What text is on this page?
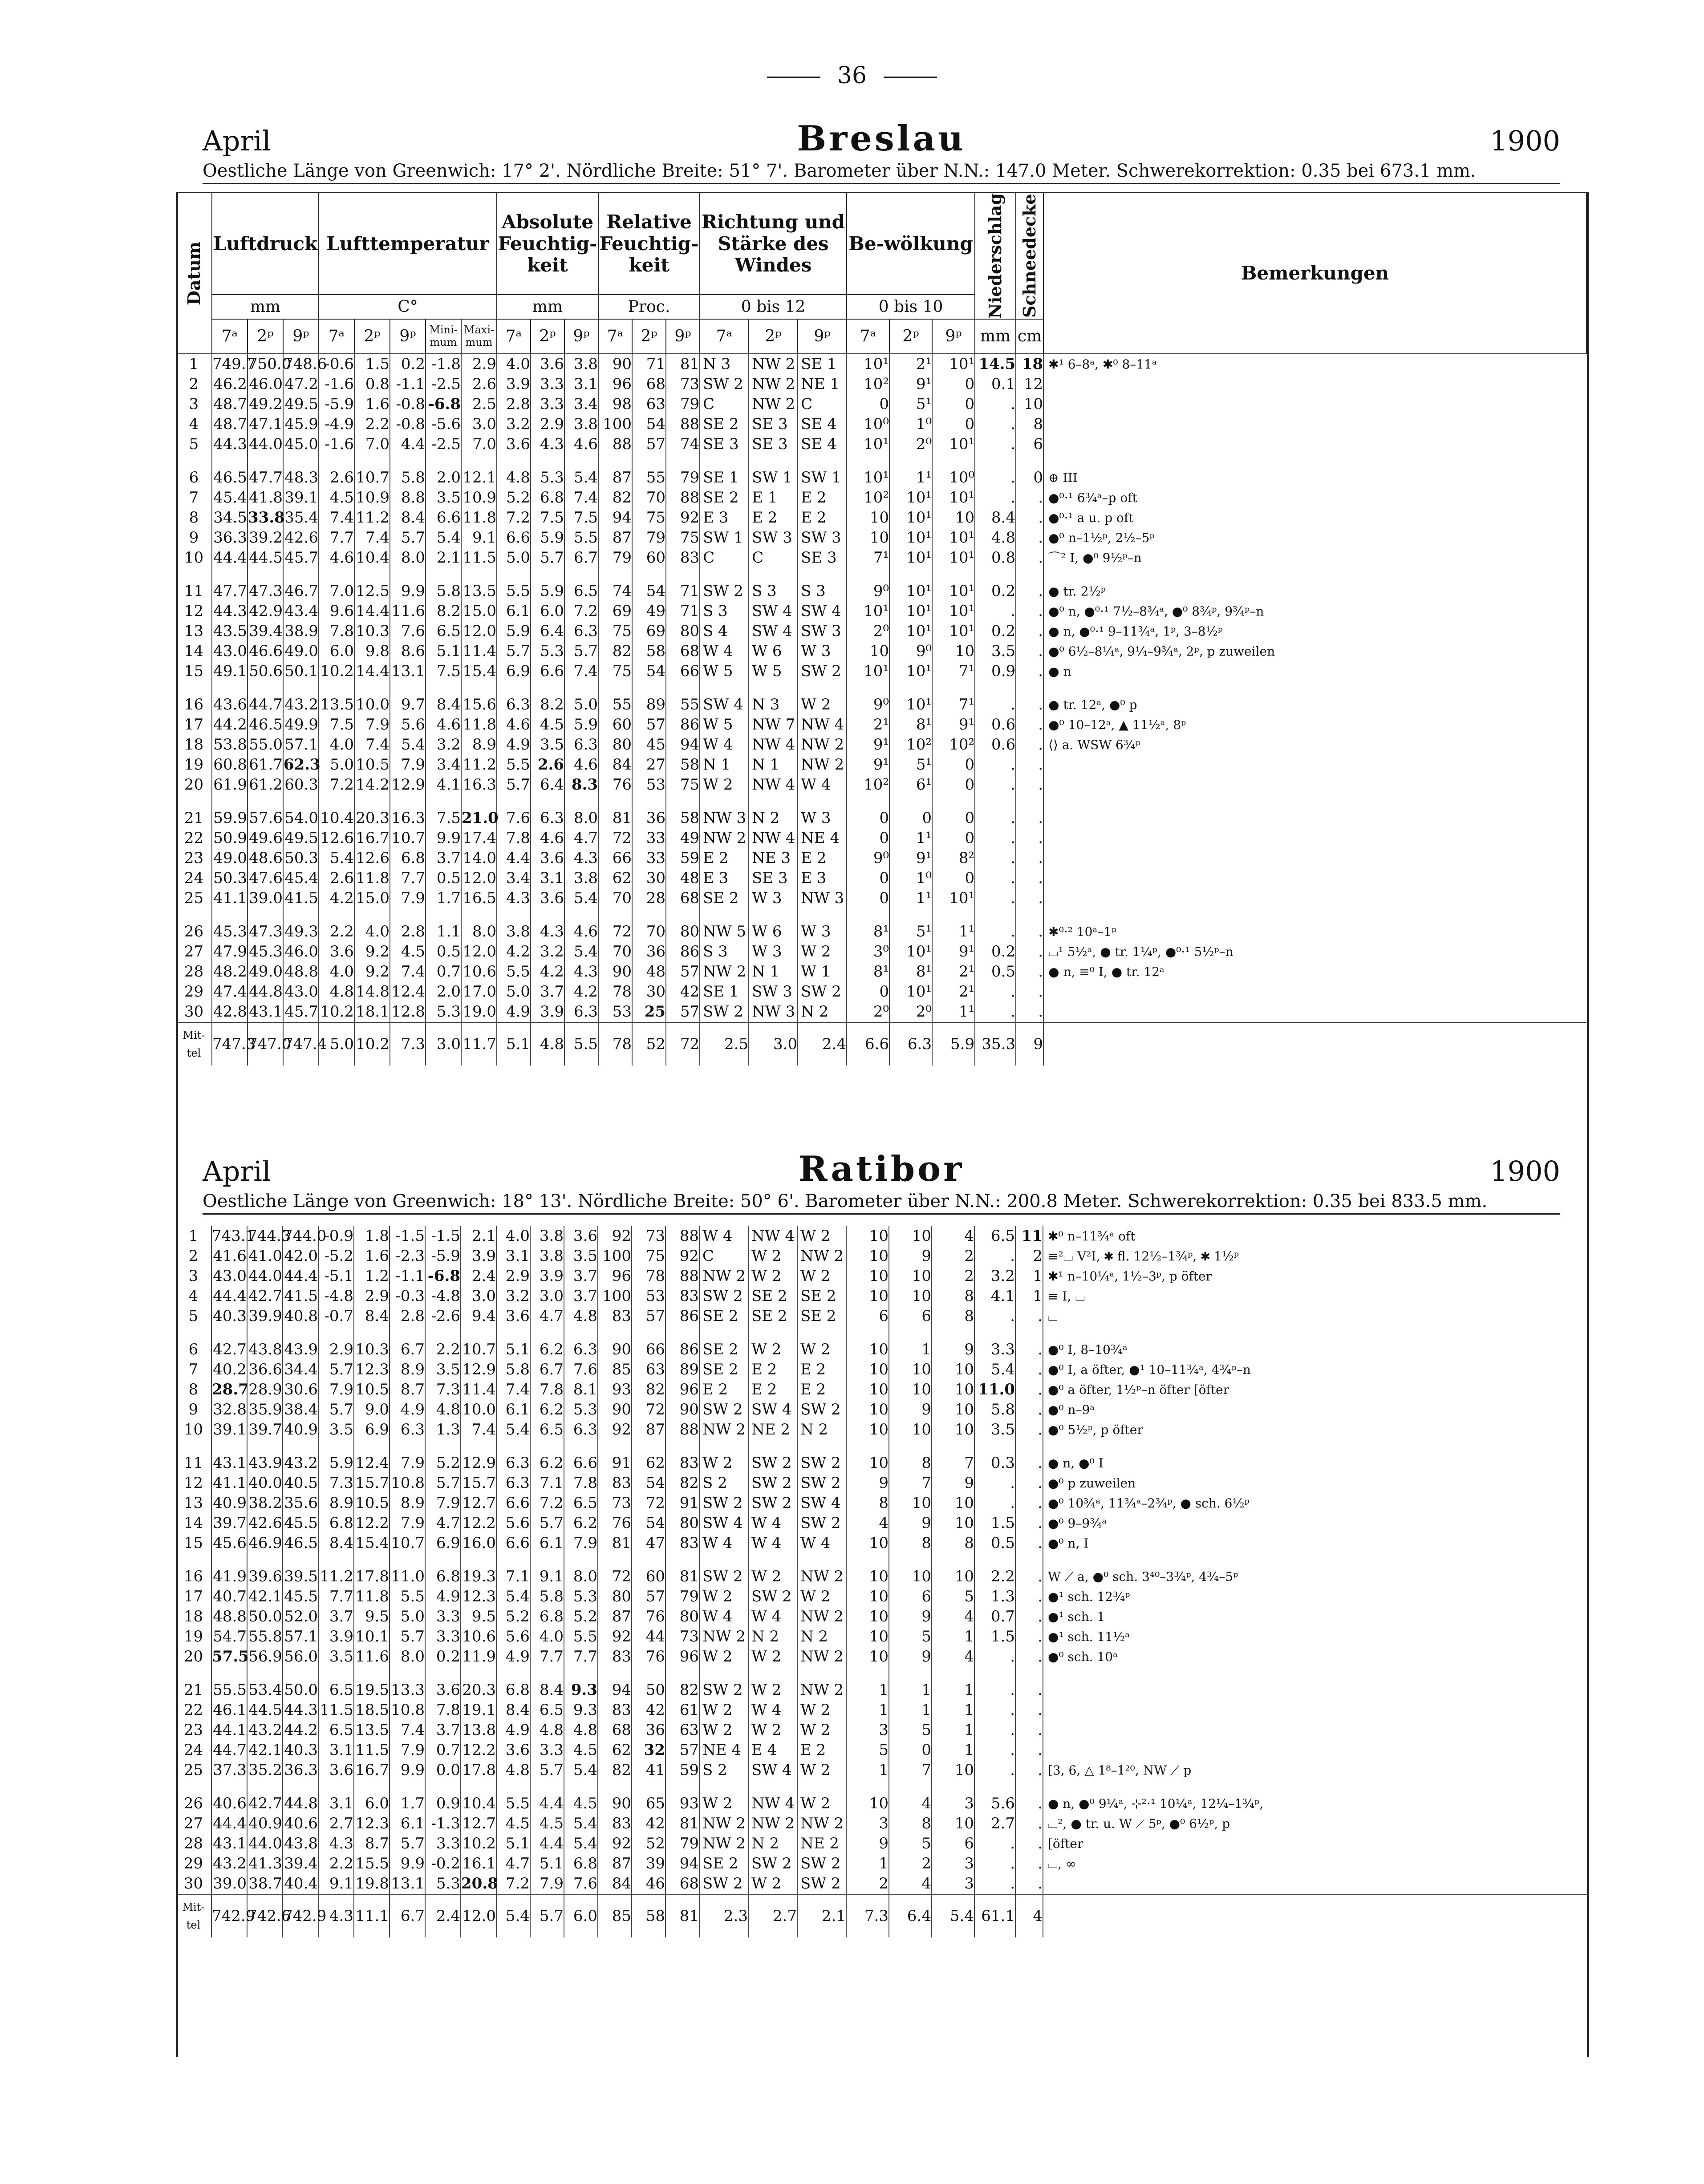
36
April	Breslau	1900
Oestliche Länge von Greenwich: 17° 2'. Nördliche Breite: 51° 7'. Barometer über N.N.: 147.0 Meter. Schwerekorrektion: 0.35 bei 673.1 mm.
April	Ratibor	1900
Oestliche Länge von Greenwich: 18° 13'. Nördliche Breite: 50° 6'. Barometer über N.N.: 200.8 Meter. Schwerekorrektion: 0.35 bei 833.5 mm.
Datum	Luftdruck			Lufttemperatur					Absolute Feuchtig-keit			Relative Feuchtig-keit			Richtung und Stärke des Windes			Be-wölkung			Niederschlag	Schneedecke	Bemerkungen
	mm			C°					mm			Proc.			0 bis 12			0 bis 10					
	7ᵃ	2ᵖ	9ᵖ	7ᵃ	2ᵖ	9ᵖ	Mini-mum	Maxi-mum	7ᵃ	2ᵖ	9ᵖ	7ᵃ	2ᵖ	9ᵖ	7ᵃ	2ᵖ	9ᵖ	7ᵃ	2ᵖ	9ᵖ	mm	cm	
1	749.7	750.0	748.6	-0.6	1.5	0.2	-1.8	2.9	4.0	3.6	3.8	90	71	81	N 3	NW 2	SE 1	10¹	2¹	10¹	14.5	18	✱¹ 6–8ᵃ, ✱⁰ 8–11ᵃ
2	46.2	46.0	47.2	-1.6	0.8	-1.1	-2.5	2.6	3.9	3.3	3.1	96	68	73	SW 2	NW 2	NE 1	10²	9¹	0	0.1	12	
3	48.7	49.2	49.5	-5.9	1.6	-0.8	-6.8	2.5	2.8	3.3	3.4	98	63	79	C	NW 2	C	0	5¹	0	.	10	
4	48.7	47.1	45.9	-4.9	2.2	-0.8	-5.6	3.0	3.2	2.9	3.8	100	54	88	SE 2	SE 3	SE 4	10⁰	1⁰	0	.	8	
5	44.3	44.0	45.0	-1.6	7.0	4.4	-2.5	7.0	3.6	4.3	4.6	88	57	74	SE 3	SE 3	SE 4	10¹	2⁰	10¹	.	6	

6	46.5	47.7	48.3	2.6	10.7	5.8	2.0	12.1	4.8	5.3	5.4	87	55	79	SE 1	SW 1	SW 1	10¹	1¹	10⁰	.	0	⊕ III
7	45.4	41.8	39.1	4.5	10.9	8.8	3.5	10.9	5.2	6.8	7.4	82	70	88	SE 2	E 1	E 2	10²	10¹	10¹	.	.	●⁰·¹ 6¾ᵃ–p oft
8	34.5	33.8	35.4	7.4	11.2	8.4	6.6	11.8	7.2	7.5	7.5	94	75	92	E 3	E 2	E 2	10	10¹	10	8.4	.	●⁰·¹ a u. p oft
9	36.3	39.2	42.6	7.7	7.4	5.7	5.4	9.1	6.6	5.9	5.5	87	79	75	SW 1	SW 3	SW 3	10	10¹	10¹	4.8	.	●⁰ n–1½ᵖ, 2½–5ᵖ
10	44.4	44.5	45.7	4.6	10.4	8.0	2.1	11.5	5.0	5.7	6.7	79	60	83	C	C	SE 3	7¹	10¹	10¹	0.8	.	⌒² I, ●⁰ 9½ᵖ–n

11	47.7	47.3	46.7	7.0	12.5	9.9	5.8	13.5	5.5	5.9	6.5	74	54	71	SW 2	S 3	S 3	9⁰	10¹	10¹	0.2	.	● tr. 2½ᵖ
12	44.3	42.9	43.4	9.6	14.4	11.6	8.2	15.0	6.1	6.0	7.2	69	49	71	S 3	SW 4	SW 4	10¹	10¹	10¹	.	.	●⁰ n, ●⁰·¹ 7½–8¾ᵃ, ●⁰ 8¾ᵖ, 9¾ᵖ–n
13	43.5	39.4	38.9	7.8	10.3	7.6	6.5	12.0	5.9	6.4	6.3	75	69	80	S 4	SW 4	SW 3	2⁰	10¹	10¹	0.2	.	● n, ●⁰·¹ 9–11¾ᵃ, 1ᵖ, 3–8½ᵖ
14	43.0	46.6	49.0	6.0	9.8	8.6	5.1	11.4	5.7	5.3	5.7	82	58	68	W 4	W 6	W 3	10	9⁰	10	3.5	.	●⁰ 6½–8¼ᵃ, 9¼–9¾ᵃ, 2ᵖ, p zuweilen
15	49.1	50.6	50.1	10.2	14.4	13.1	7.5	15.4	6.9	6.6	7.4	75	54	66	W 5	W 5	SW 2	10¹	10¹	7¹	0.9	.	● n

16	43.6	44.7	43.2	13.5	10.0	9.7	8.4	15.6	6.3	8.2	5.0	55	89	55	SW 4	N 3	W 2	9⁰	10¹	7¹	.	.	● tr. 12ᵃ, ●⁰ p
17	44.2	46.5	49.9	7.5	7.9	5.6	4.6	11.8	4.6	4.5	5.9	60	57	86	W 5	NW 7	NW 4	2¹	8¹	9¹	0.6	.	●⁰ 10–12ᵃ, ▲ 11½ᵃ, 8ᵖ
18	53.8	55.0	57.1	4.0	7.4	5.4	3.2	8.9	4.9	3.5	6.3	80	45	94	W 4	NW 4	NW 2	9¹	10²	10²	0.6	.	⟨⟩ a. WSW 6¾ᵖ
19	60.8	61.7	62.3	5.0	10.5	7.9	3.4	11.2	5.5	2.6	4.6	84	27	58	N 1	N 1	NW 2	9¹	5¹	0	.	.	
20	61.9	61.2	60.3	7.2	14.2	12.9	4.1	16.3	5.7	6.4	8.3	76	53	75	W 2	NW 4	W 4	10²	6¹	0	.	.	

21	59.9	57.6	54.0	10.4	20.3	16.3	7.5	21.0	7.6	6.3	8.0	81	36	58	NW 3	N 2	W 3	0	0	0	.	.	
22	50.9	49.6	49.5	12.6	16.7	10.7	9.9	17.4	7.8	4.6	4.7	72	33	49	NW 2	NW 4	NE 4	0	1¹	0	.	.	
23	49.0	48.6	50.3	5.4	12.6	6.8	3.7	14.0	4.4	3.6	4.3	66	33	59	E 2	NE 3	E 2	9⁰	9¹	8²	.	.	
24	50.3	47.6	45.4	2.6	11.8	7.7	0.5	12.0	3.4	3.1	3.8	62	30	48	E 3	SE 3	E 3	0	1⁰	0	.	.	
25	41.1	39.0	41.5	4.2	15.0	7.9	1.7	16.5	4.3	3.6	5.4	70	28	68	SE 2	W 3	NW 3	0	1¹	10¹	.	.	

26	45.3	47.3	49.3	2.2	4.0	2.8	1.1	8.0	3.8	4.3	4.6	72	70	80	NW 5	W 6	W 3	8¹	5¹	1¹	.	.	✱⁰·² 10ᵃ–1ᵖ
27	47.9	45.3	46.0	3.6	9.2	4.5	0.5	12.0	4.2	3.2	5.4	70	36	86	S 3	W 3	W 2	3⁰	10¹	9¹	0.2	.	⌴¹ 5½ᵃ, ● tr. 1¼ᵖ, ●⁰·¹ 5½ᵖ–n
28	48.2	49.0	48.8	4.0	9.2	7.4	0.7	10.6	5.5	4.2	4.3	90	48	57	NW 2	N 1	W 1	8¹	8¹	2¹	0.5	.	● n, ≡⁰ I, ● tr. 12ᵃ
29	47.4	44.8	43.0	4.8	14.8	12.4	2.0	17.0	5.0	3.7	4.2	78	30	42	SE 1	SW 3	SW 2	0	10¹	2¹	.	.	
30	42.8	43.1	45.7	10.2	18.1	12.8	5.3	19.0	4.9	3.9	6.3	53	25	57	SW 2	NW 3	N 2	2⁰	2⁰	1¹	.	.	
Mit-tel	747.3	747.0	747.4	5.0	10.2	7.3	3.0	11.7	5.1	4.8	5.5	78	52	72	2.5	3.0	2.4	6.6	6.3	5.9	35.3	9	
1	743.1	744.3	744.0	-0.9	1.8	-1.5	-1.5	2.1	4.0	3.8	3.6	92	73	88	W 4	NW 4	W 2	10	10	4	6.5	11	✱⁰ n–11¾ᵃ oft
2	41.6	41.0	42.0	-5.2	1.6	-2.3	-5.9	3.9	3.1	3.8	3.5	100	75	92	C	W 2	NW 2	10	9	2	.	2	≡²⌴ V²I, ✱ fl. 12½–1¾ᵖ, ✱ 1½ᵖ
3	43.0	44.0	44.4	-5.1	1.2	-1.1	-6.8	2.4	2.9	3.9	3.7	96	78	88	NW 2	W 2	W 2	10	10	2	3.2	1	✱¹ n–10¼ᵃ, 1½–3ᵖ, p öfter
4	44.4	42.7	41.5	-4.8	2.9	-0.3	-4.8	3.0	3.2	3.0	3.7	100	53	83	SW 2	SE 2	SE 2	10	10	8	4.1	1	≡ I, ⌴
5	40.3	39.9	40.8	-0.7	8.4	2.8	-2.6	9.4	3.6	4.7	4.8	83	57	86	SE 2	SE 2	SE 2	6	6	8	.	.	⌴

6	42.7	43.8	43.9	2.9	10.3	6.7	2.2	10.7	5.1	6.2	6.3	90	66	86	SE 2	W 2	W 2	10	1	9	3.3	.	●⁰ I, 8–10¾ᵃ
7	40.2	36.6	34.4	5.7	12.3	8.9	3.5	12.9	5.8	6.7	7.6	85	63	89	SE 2	E 2	E 2	10	10	10	5.4	.	●⁰ I, a öfter, ●¹ 10–11¾ᵃ, 4¾ᵖ–n
8	28.7	28.9	30.6	7.9	10.5	8.7	7.3	11.4	7.4	7.8	8.1	93	82	96	E 2	E 2	E 2	10	10	10	11.0	.	●⁰ a öfter, 1½ᵖ–n öfter [öfter
9	32.8	35.9	38.4	5.7	9.0	4.9	4.8	10.0	6.1	6.2	5.3	90	72	90	SW 2	SW 4	SW 2	10	9	10	5.8	.	●⁰ n–9ᵃ
10	39.1	39.7	40.9	3.5	6.9	6.3	1.3	7.4	5.4	6.5	6.3	92	87	88	NW 2	NE 2	N 2	10	10	10	3.5	.	●⁰ 5½ᵖ, p öfter

11	43.1	43.9	43.2	5.9	12.4	7.9	5.2	12.9	6.3	6.2	6.6	91	62	83	W 2	SW 2	SW 2	10	8	7	0.3	.	● n, ●⁰ I
12	41.1	40.0	40.5	7.3	15.7	10.8	5.7	15.7	6.3	7.1	7.8	83	54	82	S 2	SW 2	SW 2	9	7	9	.	.	●⁰ p zuweilen
13	40.9	38.2	35.6	8.9	10.5	8.9	7.9	12.7	6.6	7.2	6.5	73	72	91	SW 2	SW 2	SW 4	8	10	10	.	.	●⁰ 10¾ᵃ, 11¾ᵃ–2¾ᵖ, ● sch. 6½ᵖ
14	39.7	42.6	45.5	6.8	12.2	7.9	4.7	12.2	5.6	5.7	6.2	76	54	80	SW 4	W 4	SW 2	4	9	10	1.5	.	●⁰ 9–9¾ᵃ
15	45.6	46.9	46.5	8.4	15.4	10.7	6.9	16.0	6.6	6.1	7.9	81	47	83	W 4	W 4	W 4	10	8	8	0.5	.	●⁰ n, I

16	41.9	39.6	39.5	11.2	17.8	11.0	6.8	19.3	7.1	9.1	8.0	72	60	81	SW 2	W 2	NW 2	10	10	10	2.2	.	W ⟋ a, ●⁰ sch. 3⁴⁰–3¾ᵖ, 4¾–5ᵖ
17	40.7	42.1	45.5	7.7	11.8	5.5	4.9	12.3	5.4	5.8	5.3	80	57	79	W 2	SW 2	W 2	10	6	5	1.3	.	●¹ sch. 12¾ᵖ
18	48.8	50.0	52.0	3.7	9.5	5.0	3.3	9.5	5.2	6.8	5.2	87	76	80	W 4	W 4	NW 2	10	9	4	0.7	.	●¹ sch. 1
19	54.7	55.8	57.1	3.9	10.1	5.7	3.3	10.6	5.6	4.0	5.5	92	44	73	NW 2	N 2	N 2	10	5	1	1.5	.	●¹ sch. 11½ᵃ
20	57.5	56.9	56.0	3.5	11.6	8.0	0.2	11.9	4.9	7.7	7.7	83	76	96	W 2	W 2	NW 2	10	9	4	.	.	●⁰ sch. 10ᵃ

21	55.5	53.4	50.0	6.5	19.5	13.3	3.6	20.3	6.8	8.4	9.3	94	50	82	SW 2	W 2	NW 2	1	1	1	.	.	
22	46.1	44.5	44.3	11.5	18.5	10.8	7.8	19.1	8.4	6.5	9.3	83	42	61	W 2	W 4	W 2	1	1	1	.	.	
23	44.1	43.2	44.2	6.5	13.5	7.4	3.7	13.8	4.9	4.8	4.8	68	36	63	W 2	W 2	W 2	3	5	1	.	.	
24	44.7	42.1	40.3	3.1	11.5	7.9	0.7	12.2	3.6	3.3	4.5	62	32	57	NE 4	E 4	E 2	5	0	1	.	.	
25	37.3	35.2	36.3	3.6	16.7	9.9	0.0	17.8	4.8	5.7	5.4	82	41	59	S 2	SW 4	W 2	1	7	10	.	.	[3, 6, △ 1⁸–1²⁰, NW ⟋ p

26	40.6	42.7	44.8	3.1	6.0	1.7	0.9	10.4	5.5	4.4	4.5	90	65	93	W 2	NW 4	W 2	10	4	3	5.6	.	● n, ●⁰ 9¼ᵃ, ⊹²·¹ 10¼ᵃ, 12¼–1¾ᵖ,
27	44.4	40.9	40.6	2.7	12.3	6.1	-1.3	12.7	4.5	4.5	5.4	83	42	81	NW 2	NW 2	NW 2	3	8	10	2.7	.	⌴², ● tr. u. W ⟋ 5ᵖ, ●⁰ 6½ᵖ, p
28	43.1	44.0	43.8	4.3	8.7	5.7	3.3	10.2	5.1	4.4	5.4	92	52	79	NW 2	N 2	NE 2	9	5	6	.	.	[öfter
29	43.2	41.3	39.4	2.2	15.5	9.9	-0.2	16.1	4.7	5.1	6.8	87	39	94	SE 2	SW 2	SW 2	1	2	3	.	.	⌴, ∞
30	39.0	38.7	40.4	9.1	19.8	13.1	5.3	20.8	7.2	7.9	7.6	84	46	68	SW 2	W 2	SW 2	2	4	3	.	.	
Mit-tel	742.9	742.6	742.9	4.3	11.1	6.7	2.4	12.0	5.4	5.7	6.0	85	58	81	2.3	2.7	2.1	7.3	6.4	5.4	61.1	4	
